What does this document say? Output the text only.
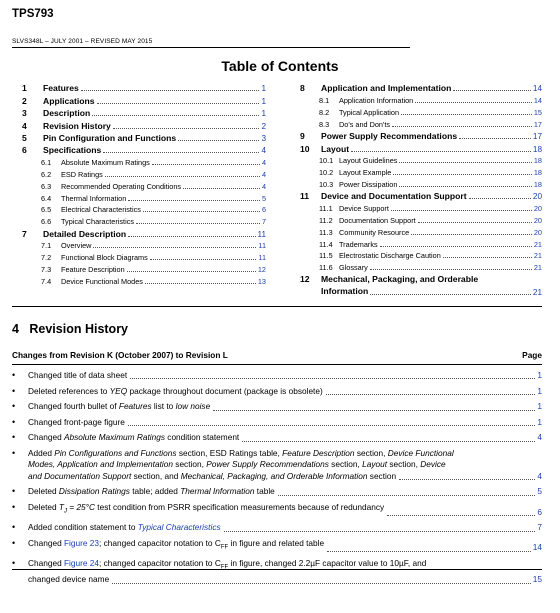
TPS793
SLVS348L – JULY 2001 – REVISED MAY 2015
Table of Contents
1	Features	1
2	Applications	1
3	Description	1
4	Revision History	2
5	Pin Configuration and Functions	3
6	Specifications	4
6.1	Absolute Maximum Ratings	4
6.2	ESD Ratings	4
6.3	Recommended Operating Conditions	4
6.4	Thermal Information	5
6.5	Electrical Characteristics	6
6.6	Typical Characteristics	7
7	Detailed Description	11
7.1	Overview	11
7.2	Functional Block Diagrams	11
7.3	Feature Description	12
7.4	Device Functional Modes	13
8	Application and Implementation	14
8.1	Application Information	14
8.2	Typical Application	15
8.3	Do's and Don'ts	17
9	Power Supply Recommendations	17
10	Layout	18
10.1 Layout Guidelines	18
10.2 Layout Example	18
10.3 Power Dissipation	18
11	Device and Documentation Support	20
11.1 Device Support	20
11.2 Documentation Support	20
11.3 Community Resource	20
11.4 Trademarks	21
11.5 Electrostatic Discharge Caution	21
11.6 Glossary	21
12	Mechanical, Packaging, and Orderable
Information	21
4 Revision History
Changes from Revision K (October 2007) to Revision L	Page
•	Changed title of data sheet	1
•	Deleted references to YEQ package throughout document (package is obsolete)	1
•	Changed fourth bullet of Features list to low noise	1
•	Changed front-page figure	1
•	Changed Absolute Maximum Ratings condition statement	4
•	Added Pin Configurations and Functions section, ESD Ratings table, Feature Description section, Device Functional
Modes, Application and Implementation section, Power Supply Recommendations section, Layout section, Device
and Documentation Support section, and Mechanical, Packaging, and Orderable Information section	4
•	Deleted Dissipation Ratings table; added Thermal Information table	5
•	Deleted $T_J = 25^\circ C$ test condition from PSRR specification measurements because of redundancy	6
•	Added condition statement to Typical Characteristics	7
•	Changed Figure 23; changed capacitor notation to $C_{FF}$ in figure and related table	14
•	Changed Figure 24; changed capacitor notation to $C_{FF}$ in figure, changed 2.2µF capacitor value to 10µF, and
changed device name	15
